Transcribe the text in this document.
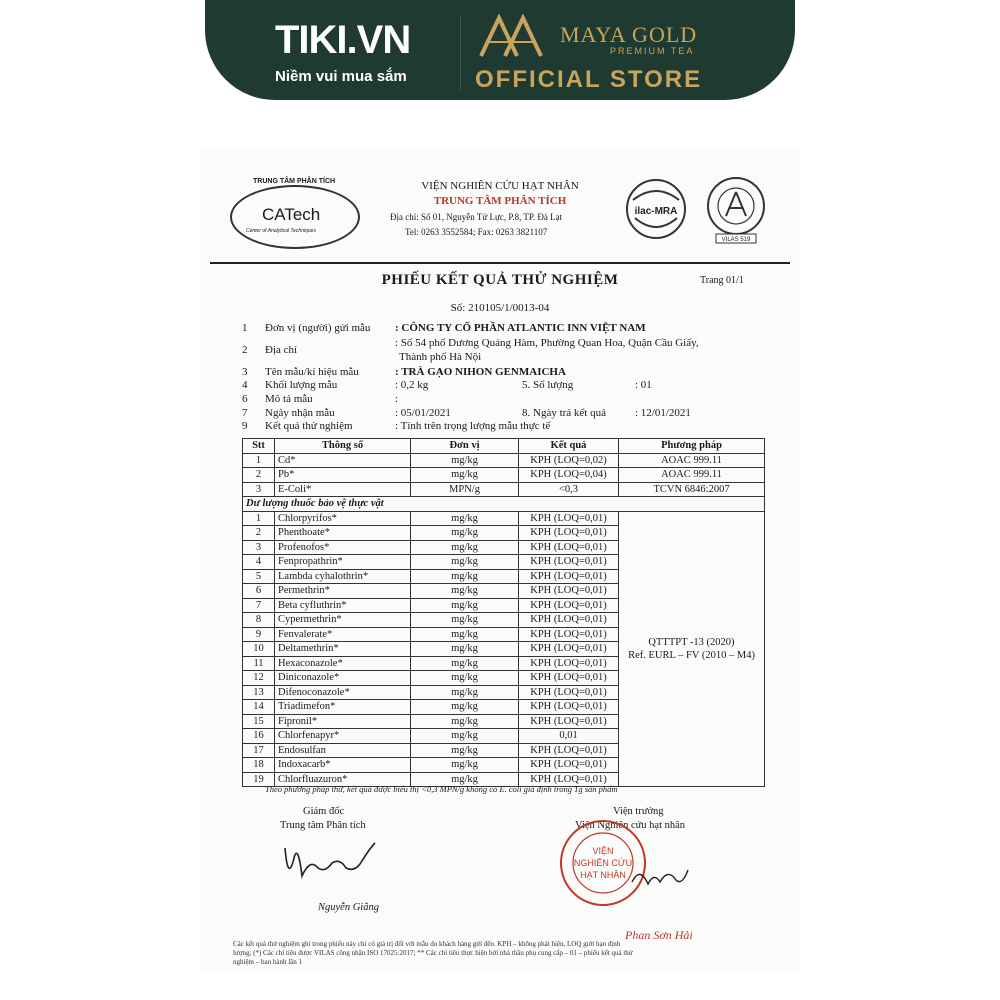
TIKI.VN
Niềm vui mua sắm
MAYA GOLD
PREMIUM TEA
OFFICIAL STORE
TRUNG TÂM PHÂN TÍCH
CATech
Center of Analytical Techniques
VIỆN NGHIÊN CỨU HẠT NHÂN
TRUNG TÂM PHÂN TÍCH
Địa chỉ: Số 01, Nguyễn Tử Lực, P.8, TP. Đà Lạt
Tel: 0263 3552584; Fax: 0263 3821107
ilac-MRA
VILAS 519
PHIẾU KẾT QUẢ THỬ NGHIỆM	Trang 01/1
Số: 210105/1/0013-04
1 Đơn vị (người) gửi mẫu : CÔNG TY CỔ PHẦN ATLANTIC INN VIỆT NAM
2 Địa chỉ
: Số 54 phố Dương Quảng Hàm, Phường Quan Hoa, Quận Cầu Giấy,
Thành phố Hà Nội
3 Tên mẫu/kí hiệu mẫu	: TRÀ GẠO NIHON GENMAICHA
4 Khối lượng mẫu	: 0,2 kg	5. Số lượng	: 01
6 Mô tả mẫu	:
7 Ngày nhận mẫu	: 05/01/2021	8. Ngày trả kết quả	: 12/01/2021
9 Kết quả thử nghiệm	: Tính trên trọng lượng mẫu thực tế
Stt	Thông số	Đơn vị	Kết quả	Phương pháp
1	Cd*	mg/kg	KPH (LOQ=0,02)	AOAC 999.11
2	Pb*	mg/kg	KPH (LOQ=0,04)	AOAC 999.11
3	E-Coli*	MPN/g	<0,3	TCVN 6846:2007
Dư lượng thuốc bảo vệ thực vật				
1	Chlorpyrifos*	mg/kg	KPH (LOQ=0,01)	QTTTPT -13 (2020)
Ref. EURL – FV (2010 – M4)

2	Phenthoate*	mg/kg	KPH (LOQ=0,01)	
3	Profenofos*	mg/kg	KPH (LOQ=0,01)	
4	Fenpropathrin*	mg/kg	KPH (LOQ=0,01)	
5	Lambda cyhalothrin*	mg/kg	KPH (LOQ=0,01)	
6	Permethrin*	mg/kg	KPH (LOQ=0,01)	
7	Beta cyfluthrin*	mg/kg	KPH (LOQ=0,01)	
8	Cypermethrin*	mg/kg	KPH (LOQ=0,01)	
9	Fenvalerate*	mg/kg	KPH (LOQ=0,01)	
10	Deltamethrin*	mg/kg	KPH (LOQ=0,01)	
11	Hexaconazole*	mg/kg	KPH (LOQ=0,01)	
12	Diniconazole*	mg/kg	KPH (LOQ=0,01)	
13	Difenoconazole*	mg/kg	KPH (LOQ=0,01)	
14	Triadimefon*	mg/kg	KPH (LOQ=0,01)	
15	Fipronil*	mg/kg	KPH (LOQ=0,01)	
16	Chlorfenapyr*	mg/kg	0,01	
17	Endosulfan	mg/kg	KPH (LOQ=0,01)	
18	Indoxacarb*	mg/kg	KPH (LOQ=0,01)	
19	Chlorfluazuron*	mg/kg	KPH (LOQ=0,01)	
Theo phương pháp thử, kết quả được biểu thị <0,3 MPN/g không có E. coli giả định trong 1g sản phẩm
Giám đốc
Trung tâm Phân tích
Nguyễn Giằng
Viện trưởng
Viện Nghiên cứu hạt nhân
VIỆN
NGHIÊN CỨU
HẠT NHÂN
Phan Sơn Hải
Các kết quả thử nghiệm ghi trong phiếu này chỉ có giá trị đối với mẫu do khách hàng gửi đến. KPH – không phát hiện, LOQ giới hạn định lượng; (*) Các chỉ tiêu được VILAS công nhận ISO 17025:2017; ** Các chỉ tiêu thực hiện bởi nhà thầu phụ cung cấp – 01 – phiếu kết quả thử nghiệm – ban hành lần 1
